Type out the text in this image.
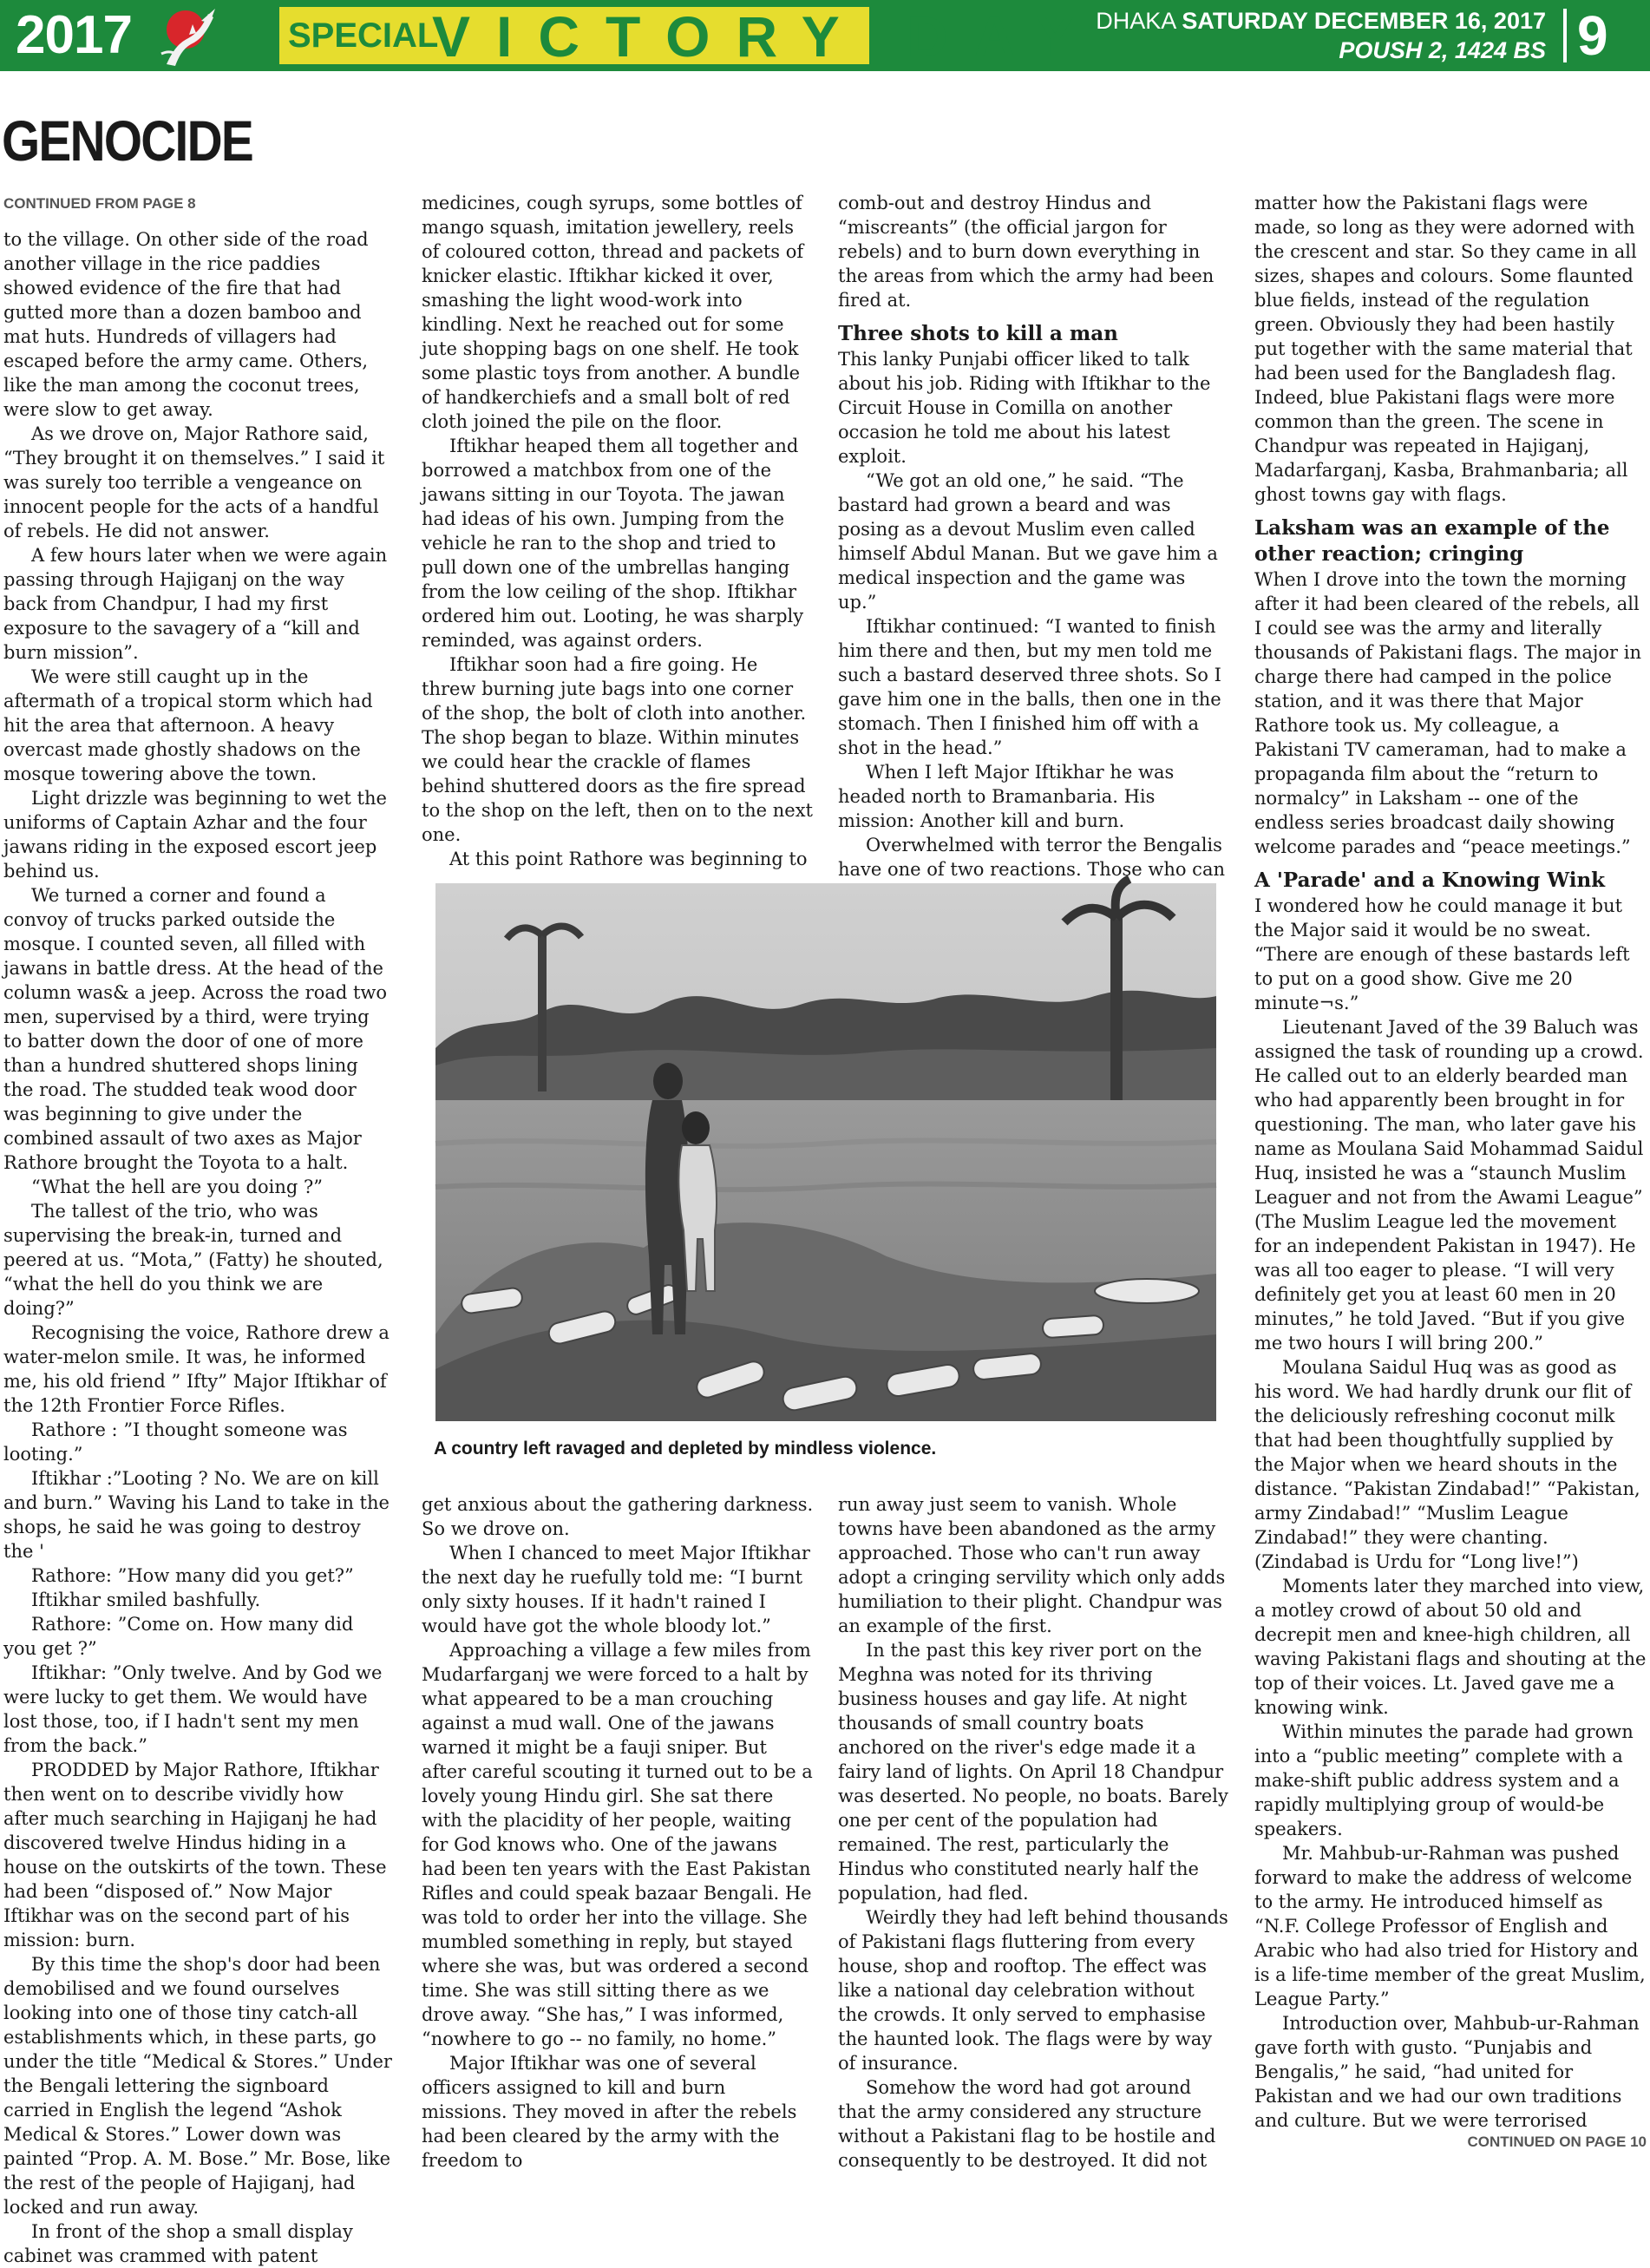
2017	SPECIAL
VICTORY DAY
DHAKA SATURDAY DECEMBER 16, 2017
POUSH 2, 1424 BS 9
GENOCIDE
CONTINUED FROM PAGE 8

to the village. On other side of the road another village in the rice paddies showed evidence of the fire that had gutted more than a dozen bamboo and mat huts. Hundreds of villagers had escaped before the army came. Others, like the man among the coconut trees, were slow to get away.

As we drove on, Major Rathore said, “They brought it on themselves.” I said it was surely too terrible a vengeance on innocent people for the acts of a handful of rebels. He did not answer.

A few hours later when we were again passing through Hajiganj on the way back from Chandpur, I had my first exposure to the savagery of a “kill and burn mission”.

We were still caught up in the aftermath of a tropical storm which had hit the area that afternoon. A heavy overcast made ghostly shadows on the mosque towering above the town.

Light drizzle was beginning to wet the uniforms of Captain Azhar and the four jawans riding in the exposed escort jeep behind us.

We turned a corner and found a convoy of trucks parked outside the mosque. I counted seven, all filled with jawans in battle dress. At the head of the column was& a jeep. Across the road two men, supervised by a third, were trying to batter down the door of one of more than a hundred shuttered shops lining the road. The studded teak wood door was beginning to give under the combined assault of two axes as Major Rathore brought the Toyota to a halt.

“What the hell are you doing ?”

The tallest of the trio, who was supervising the break-in, turned and peered at us. “Mota,” (Fatty) he shouted, “what the hell do you think we are doing?”

Recognising the voice, Rathore drew a water-melon smile. It was, he informed me, his old friend ” Ifty” Major Iftikhar of the 12th Frontier Force Rifles.

Rathore : ”I thought someone was looting.”

Iftikhar :”Looting ? No. We are on kill and burn.” Waving his Land to take in the shops, he said he was going to destroy the '

Rathore: ”How many did you get?”

Iftikhar smiled bashfully.

Rathore: ”Come on. How many did you get ?”

Iftikhar: ”Only twelve. And by God we were lucky to get them. We would have lost those, too, if I hadn't sent my men from the back.”

PRODDED by Major Rathore, Iftikhar then went on to describe vividly how after much searching in Hajiganj he had discovered twelve Hindus hiding in a house on the outskirts of the town. These had been “disposed of.” Now Major Iftikhar was on the second part of his mission: burn.

By this time the shop's door had been demobilised and we found ourselves looking into one of those tiny catch-all establishments which, in these parts, go under the title “Medical & Stores.” Under the Bengali lettering the signboard carried in English the legend “Ashok Medical & Stores.” Lower down was painted “Prop. A. M. Bose.” Mr. Bose, like the rest of the people of Hajiganj, had locked and run away.

In front of the shop a small display cabinet was crammed with patent

medicines, cough syrups, some bottles of mango squash, imitation jewellery, reels of coloured cotton, thread and packets of knicker elastic. Iftikhar kicked it over, smashing the light wood-work into kindling. Next he reached out for some jute shopping bags on one shelf. He took some plastic toys from another. A bundle of handkerchiefs and a small bolt of red cloth joined the pile on the floor.

Iftikhar heaped them all together and borrowed a matchbox from one of the jawans sitting in our Toyota. The jawan had ideas of his own. Jumping from the vehicle he ran to the shop and tried to pull down one of the umbrellas hanging from the low ceiling of the shop. Iftikhar ordered him out. Looting, he was sharply reminded, was against orders.

Iftikhar soon had a fire going. He threw burning jute bags into one corner of the shop, the bolt of cloth into another. The shop began to blaze. Within minutes we could hear the crackle of flames behind shuttered doors as the fire spread to the shop on the left, then on to the next one.

At this point Rathore was beginning to

comb-out and destroy Hindus and “miscreants” (the official jargon for rebels) and to burn down everything in the areas from which the army had been fired at.

Three shots to kill a man

This lanky Punjabi officer liked to talk about his job. Riding with Iftikhar to the Circuit House in Comilla on another occasion he told me about his latest exploit.

“We got an old one,” he said. “The bastard had grown a beard and was posing as a devout Muslim even called himself Abdul Manan. But we gave him a medical inspection and the game was up.”

Iftikhar continued: “I wanted to finish him there and then, but my men told me such a bastard deserved three shots. So I gave him one in the balls, then one in the stomach. Then I finished him off with a shot in the head.”

When I left Major Iftikhar he was headed north to Bramanbaria. His mission: Another kill and burn.

Overwhelmed with terror the Bengalis have one of two reactions. Those who can

matter how the Pakistani flags were made, so long as they were adorned with the crescent and star. So they came in all sizes, shapes and colours. Some flaunted blue fields, instead of the regulation green. Obviously they had been hastily put together with the same material that had been used for the Bangladesh flag. Indeed, blue Pakistani flags were more common than the green. The scene in Chandpur was repeated in Hajiganj, Madarfarganj, Kasba, Brahmanbaria; all ghost towns gay with flags.

Laksham was an example of the other reaction; cringing

When I drove into the town the morning after it had been cleared of the rebels, all I could see was the army and literally thousands of Pakistani flags. The major in charge there had camped in the police station, and it was there that Major Rathore took us. My colleague, a Pakistani TV cameraman, had to make a propaganda film about the “return to normalcy” in Laksham -- one of the endless series broadcast daily showing welcome parades and “peace meetings.”

A 'Parade' and a Knowing Wink

I wondered how he could manage it but the Major said it would be no sweat. “There are enough of these bastards left to put on a good show. Give me 20 minute¬s.”

Lieutenant Javed of the 39 Baluch was assigned the task of rounding up a crowd. He called out to an elderly bearded man who had apparently been brought in for questioning. The man, who later gave his name as Moulana Said Mohammad Saidul Huq, insisted he was a “staunch Muslim Leaguer and not from the Awami League” (The Muslim League led the movement for an independent Pakistan in 1947). He was all too eager to please. “I will very definitely get you at least 60 men in 20 minutes,” he told Javed. “But if you give me two hours I will bring 200.”

Moulana Saidul Huq was as good as his word. We had hardly drunk our flit of the deliciously refreshing coconut milk that had been thoughtfully supplied by the Major when we heard shouts in the distance. “Pakistan Zindabad!” “Pakistan, army Zindabad!” “Muslim League Zindabad!” they were chanting. (Zindabad is Urdu for “Long live!”)

Moments later they marched into view, a motley crowd of about 50 old and decrepit men and knee-high children, all waving Pakistani flags and shouting at the top of their voices. Lt. Javed gave me a knowing wink.

Within minutes the parade had grown into a “public meeting” complete with a make-shift public address system and a rapidly multiplying group of would-be speakers.

Mr. Mahbub-ur-Rahman was pushed forward to make the address of welcome to the army. He introduced himself as “N.F. College Professor of English and Arabic who had also tried for History and is a life-time member of the great Muslim, League Party.”

Introduction over, Mahbub-ur-Rahman gave forth with gusto. “Punjabis and Bengalis,” he said, “had united for Pakistan and we had our own traditions and culture. But we were terrorised

A country left ravaged and depleted by mindless violence.

get anxious about the gathering darkness. So we drove on.

When I chanced to meet Major Iftikhar the next day he ruefully told me: “I burnt only sixty houses. If it hadn't rained I would have got the whole bloody lot.”

Approaching a village a few miles from Mudarfarganj we were forced to a halt by what appeared to be a man crouching against a mud wall. One of the jawans warned it might be a fauji sniper. But after careful scouting it turned out to be a lovely young Hindu girl. She sat there with the placidity of her people, waiting for God knows who. One of the jawans had been ten years with the East Pakistan Rifles and could speak bazaar Bengali. He was told to order her into the village. She mumbled something in reply, but stayed where she was, but was ordered a second time. She was still sitting there as we drove away. “She has,” I was informed, “nowhere to go -- no family, no home.”

Major Iftikhar was one of several officers assigned to kill and burn missions. They moved in after the rebels had been cleared by the army with the freedom to

run away just seem to vanish. Whole towns have been abandoned as the army approached. Those who can't run away adopt a cringing servility which only adds humiliation to their plight. Chandpur was an example of the first.

In the past this key river port on the Meghna was noted for its thriving business houses and gay life. At night thousands of small country boats anchored on the river's edge made it a fairy land of lights. On April 18 Chandpur was deserted. No people, no boats. Barely one per cent of the population had remained. The rest, particularly the Hindus who constituted nearly half the population, had fled.

Weirdly they had left behind thousands of Pakistani flags fluttering from every house, shop and rooftop. The effect was like a national day celebration without the crowds. It only served to emphasise the haunted look. The flags were by way of insurance.

Somehow the word had got around that the army considered any structure without a Pakistani flag to be hostile and consequently to be destroyed. It did not

CONTINUED ON PAGE 10
